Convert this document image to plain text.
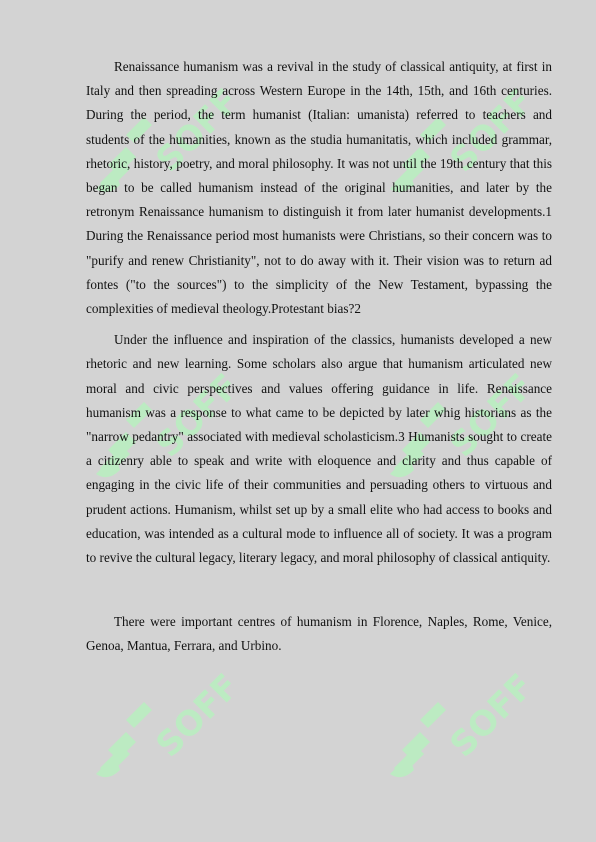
SOFF	SOFF
SOFF	SOFF
SOFF	SOFF

Renaissance humanism was a revival in the study of classical antiquity, at first in Italy and then spreading across Western Europe in the 14th, 15th, and 16th centuries. During the period, the term humanist (Italian: umanista) referred to teachers and students of the humanities, known as the studia humanitatis, which included grammar, rhetoric, history, poetry, and moral philosophy. It was not until the 19th century that this began to be called humanism instead of the original humanities, and later by the retronym Renaissance humanism to distinguish it from later humanist developments.1 During the Renaissance period most humanists were Christians, so their concern was to "purify and renew Christianity", not to do away with it. Their vision was to return ad fontes ("to the sources") to the simplicity of the New Testament, bypassing the complexities of medieval theology.Protestant bias?2

Under the influence and inspiration of the classics, humanists developed a new rhetoric and new learning. Some scholars also argue that humanism articulated new moral and civic perspectives and values offering guidance in life. Renaissance humanism was a response to what came to be depicted by later whig historians as the "narrow pedantry" associated with medieval scholasticism.3 Humanists sought to create a citizenry able to speak and write with eloquence and clarity and thus capable of engaging in the civic life of their communities and persuading others to virtuous and prudent actions. Humanism, whilst set up by a small elite who had access to books and education, was intended as a cultural mode to influence all of society. It was a program to revive the cultural legacy, literary legacy, and moral philosophy of classical antiquity.

There were important centres of humanism in Florence, Naples, Rome, Venice, Genoa, Mantua, Ferrara, and Urbino.
